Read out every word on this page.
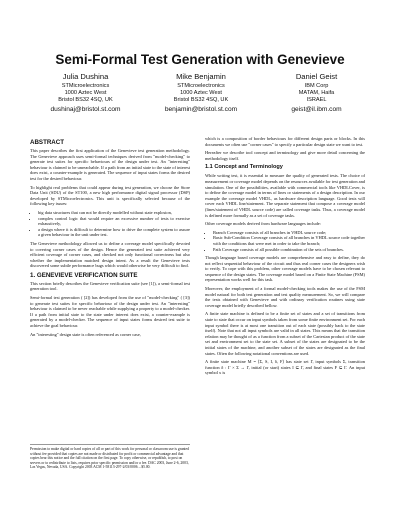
Semi-Formal Test Generation with Genevieve
Julia Dushina
STMicroelectronics
1000 Aztec West
Bristol BS32 4SQ, UK
dushinaj@bristol.st.com
Mike Benjamin
STMicroelectronics
1000 Aztec West
Bristol BS32 4SQ, UK
benjamin@bristol.st.com
Daniel Geist
IBM Corp
MATAM, Haifa
ISRAEL
geist@il.ibm.com
ABSTRACT

This paper describes the first application of the Genevieve test generation methodology. The Genevieve approach uses semi-formal techniques derived from "model-checking" to generate test suites for specific behaviours of the design under test. An "interesting" behaviour is claimed to be unreachable. If a path from an initial state to the state of interest does exist, a counter-example is generated. The sequence of input states forms the desired test for the desired behaviour.

To highlight real problems that could appear during test generation, we choose the Store Data Unit (SDU) of the ST100, a new high performance digital signal processor (DSP) developed by STMicroelectronics. This unit is specifically selected because of the following key issues:

• big data structures that can not be directly modelled without state explosion,
• complex control logic that would require an excessive number of tests to exercise exhaustively,
• a design where it is difficult to determine how to drive the complete system to assure a given behaviour in the unit under test.

The Genevieve methodology allowed us to define a coverage model specifically devoted to covering corner cases of the design. Hence the generated test suite achieved very efficient coverage of corner cases, and checked not only functional correctness but also whether the implementation matched design intent. As a result the Genevieve tests discovered some subtle performance bugs which would otherwise be very difficult to find.

1. GENEVIEVE VERIFICATION SUITE

This section briefly describes the Genevieve verification suite (see [1]), a semi-formal test generation tool.

Semi-formal test generation ( [2]) has developed from the use of "model-checking" ( [3]) to generate test suites for specific behaviour of the design under test. An "interesting" behaviour is claimed to be never reachable while supplying a property to a model-checker. If a path from initial state to the state under interest does exist, a counter-example is generated by a model-checker. The sequence of input states forms desired test suite to achieve the goal behaviour.

An "interesting" design state is often referenced as corner case,

Permission to make digital or hard copies of all or part of this work for personal or classroom use is granted without fee provided that copies are not made or distributed for profit or commercial advantage and that copies bear this notice and the full citation on the first page. To copy otherwise, or republish, to post on servers or to redistribute to lists, requires prior specific permission and/or a fee. DAC 2003, June 2-6, 2003, Las Vegas, Nevada, USA. Copyright 2003 ACM 1-58113-297-2/03/0006 ...$5.00.

which is a composition of border behaviours for different design parts or blocks. In this documents we often use "corner cases" to specify a particular design state we want to test.

Hereafter we describe tool concept and terminology and give more detail concerning the methodology itself.

1.1 Concept and Terminology

While writing test, it is essential to measure the quality of generated tests. The choice of measurement or coverage model depends on the resources available for test generation and simulation. One of the possibilities, available with commercial tools like VHDLCover, is to define the coverage model in terms of lines or statements of a design description. In our example the coverage model VHDL, as hardware description language. Good tests will cover each VHDL line/statement. The separate statement that compose a coverage model (lines/statement of VHDL source code) are called coverage tasks. Thus, a coverage model is defined more formally as a set of coverage tasks.

Other coverage models derived from hardware languages include:

• Branch Coverage consists of all branches in VHDL source code;
• Basic Sub-Condition Coverage consists of all branches in VHDL source code together with the conditions that were met in order to take the branch;
• Path Coverage consists of all possible combination of the sets of branches.

Though language based coverage models are comprehensive and easy to define, they do not reflect sequential behaviour of the circuit and thus real corner cases the designers wish to verify. To cope with this problem, other coverage models have to be chosen relevant to sequence of the design states. The coverage model based on a Finite State Machine (FSM) representation works well for this task.

Moreover, the employment of a formal model-checking tools makes the use of the FSM model natural for both test generation and test quality measurement. So, we will compare the tests obtained with Genevieve and with ordinary verification routines using state coverage model briefly described bellow.

A finite state machine is defined to be a finite set of states and a set of transitions from state to state that occur on input symbols taken from some finite environment set. For each input symbol there is at most one transition out of each state (possibly back to the state itself). Note that not all input symbols are valid in all states. This means that the transition relation may be thought of as a function from a subset of the Cartesian product of the state set and environment set to the state set. A subset of the states are designated to be the initial states of the machine, and another subset of the states are designated as the final states. Often the following notational conventions are used.

A finite state machine M = ⟨Σ, S, I, δ, F⟩ has state set Γ, input symbols Σ, transition function δ : Γ × Σ → Γ, initial (or start) states I ⊆ Γ, and final states F ⊆ Γ. An input symbol x is
